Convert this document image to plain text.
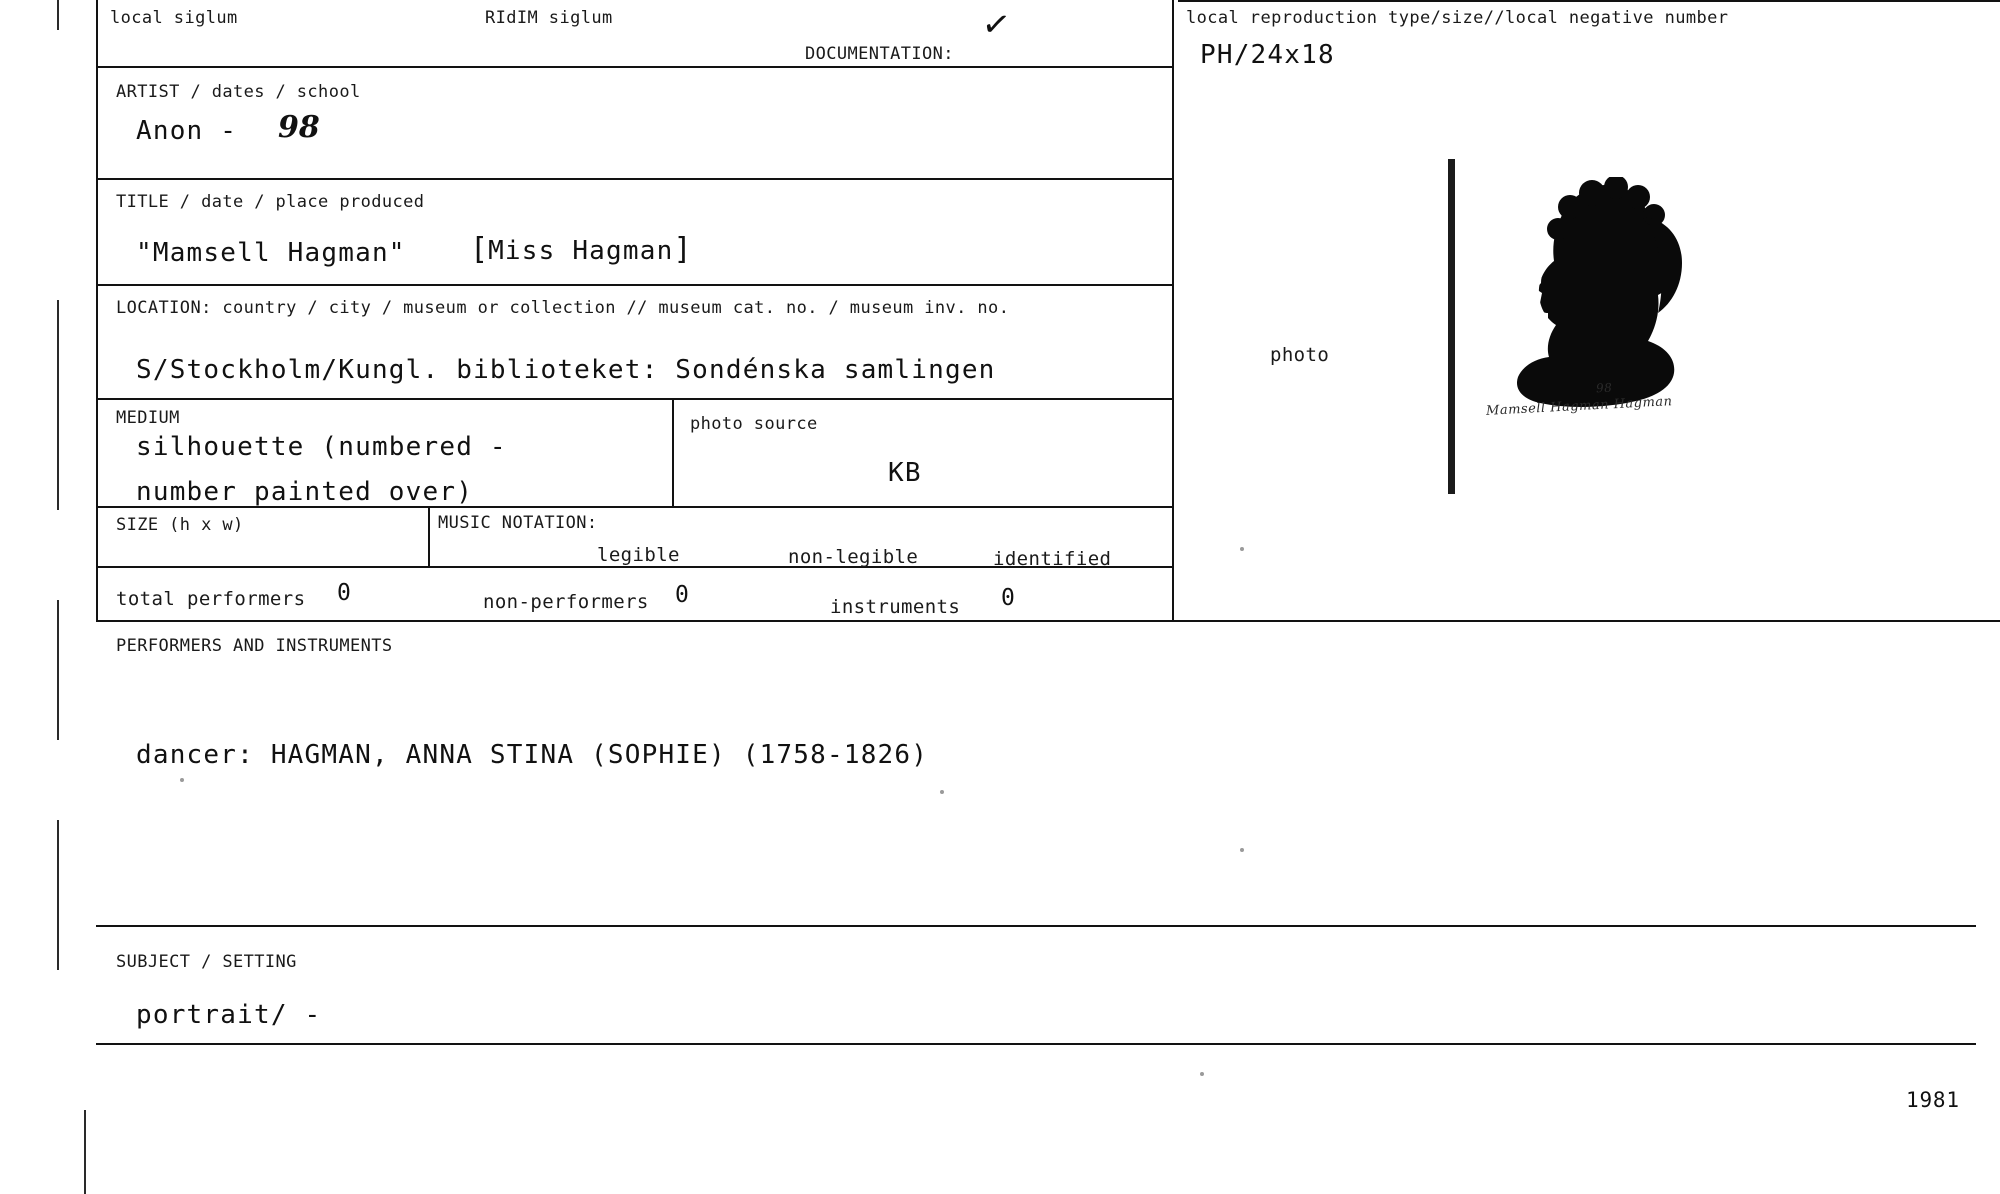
local siglum	RIdIM siglum
DOCUMENTATION:
✓	local reproduction type/size//local negative number
PH/24x18
ARTIST / dates / school
Anon - 98
TITLE / date / place produced
"Mamsell Hagman" [Miss Hagman]
LOCATION: country / city / museum or collection // museum cat. no. / museum inv. no.
S/Stockholm/Kungl. biblioteket: Sondénska samlingen
MEDIUM
silhouette (numbered -
number painted over)
photo source
KB
SIZE (h x w)	MUSIC NOTATION:
legible	non-legible	identified
total performers 0	non-performers 0	instruments 0
PERFORMERS AND INSTRUMENTS
dancer: HAGMAN, ANNA STINA (SOPHIE) (1758-1826)
SUBJECT / SETTING
portrait/ -
1981
photo
Mamsell Hagman Hagman
98
